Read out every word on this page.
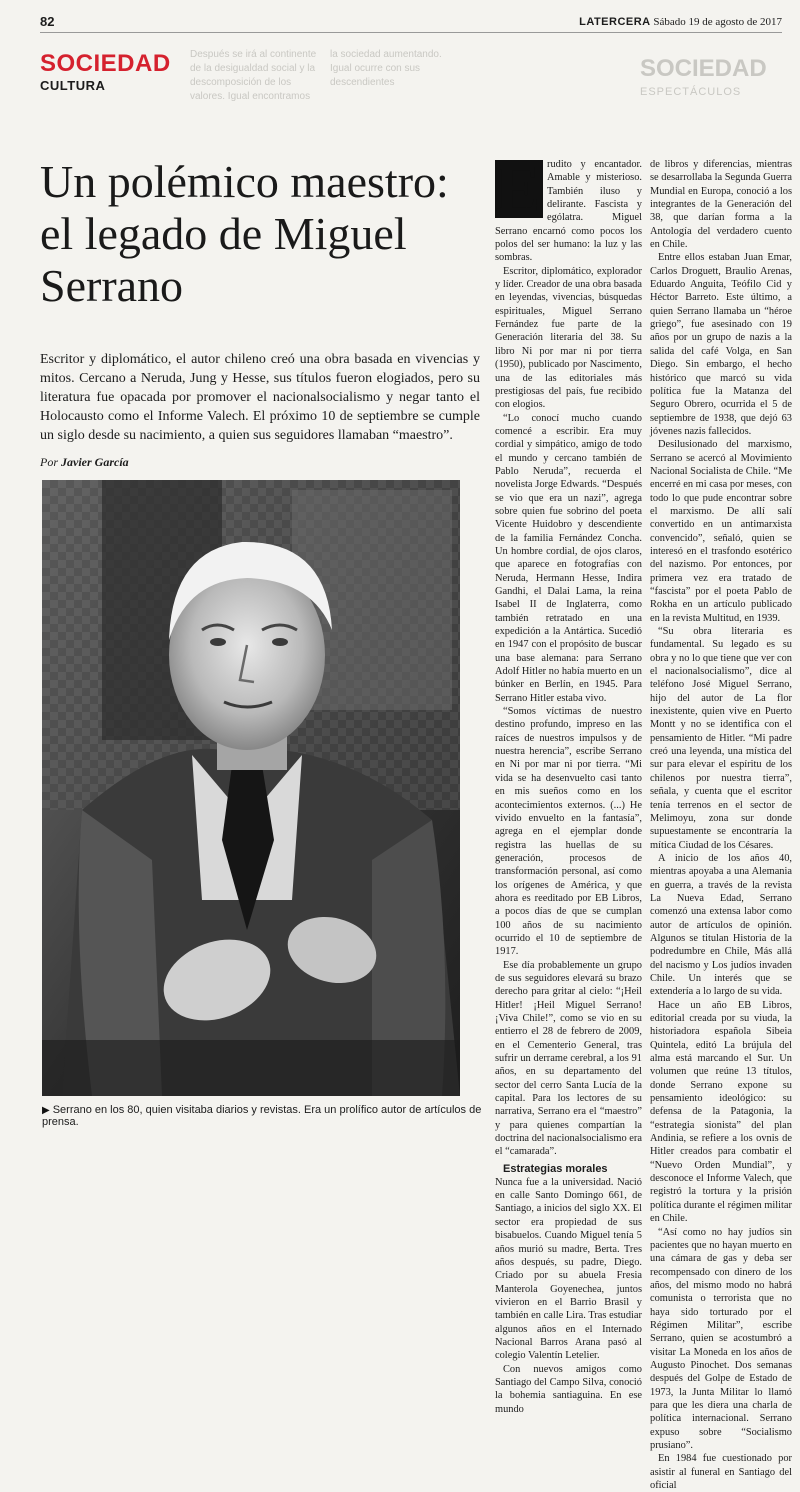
Después se irá al continente de la desigualdad social y la descomposición de los valores. Igual encontramos
la sociedad aumentando. Igual ocurre con sus descendientes
SOCIEDAD
ESPECTÁCULOS
82	LATERCERA Sábado 19 de agosto de 2017
SOCIEDAD
CULTURA
Un polémico maestro: el legado de Miguel Serrano

Escritor y diplomático, el autor chileno creó una obra basada en vivencias y mitos. Cercano a Neruda, Jung y Hesse, sus títulos fueron elogiados, pero su literatura fue opacada por promover el nacionalsocialismo y negar tanto el Holocausto como el Informe Valech. El próximo 10 de septiembre se cumple un siglo desde su nacimiento, a quien sus seguidores llamaban “maestro”.

Por Javier García
▶ Serrano en los 80, quien visitaba diarios y revistas. Era un prolífico autor de artículos de prensa.
E rudito y encantador. Amable y misterioso. También iluso y delirante. Fascista y ególatra. Miguel Serrano encarnó como pocos los polos del ser humano: la luz y las sombras.

Escritor, diplomático, explorador y líder. Creador de una obra basada en leyendas, vivencias, búsquedas espirituales, Miguel Serrano Fernández fue parte de la Generación literaria del 38. Su libro Ni por mar ni por tierra (1950), publicado por Nascimento, una de las editoriales más prestigiosas del país, fue recibido con elogios.

“Lo conocí mucho cuando comencé a escribir. Era muy cordial y simpático, amigo de todo el mundo y cercano también de Pablo Neruda”, recuerda el novelista Jorge Edwards. “Después se vio que era un nazi”, agrega sobre quien fue sobrino del poeta Vicente Huidobro y descendiente de la familia Fernández Concha. Un hombre cordial, de ojos claros, que aparece en fotografías con Neruda, Hermann Hesse, Indira Gandhi, el Dalai Lama, la reina Isabel II de Inglaterra, como también retratado en una expedición a la Antártica. Sucedió en 1947 con el propósito de buscar una base alemana: para Serrano Adolf Hitler no había muerto en un búnker en Berlín, en 1945. Para Serrano Hitler estaba vivo.

“Somos víctimas de nuestro destino profundo, impreso en las raíces de nuestros impulsos y de nuestra herencia”, escribe Serrano en Ni por mar ni por tierra. “Mi vida se ha desenvuelto casi tanto en mis sueños como en los acontecimientos externos. (...) He vivido envuelto en la fantasía”, agrega en el ejemplar donde registra las huellas de su generación, procesos de transformación personal, así como los orígenes de América, y que ahora es reeditado por EB Libros, a pocos días de que se cumplan 100 años de su nacimiento ocurrido el 10 de septiembre de 1917.

Ese día probablemente un grupo de sus seguidores elevará su brazo derecho para gritar al cielo: “¡Heil Hitler! ¡Heil Miguel Serrano! ¡Viva Chile!”, como se vio en su entierro el 28 de febrero de 2009, en el Cementerio General, tras sufrir un derrame cerebral, a los 91 años, en su departamento del sector del cerro Santa Lucía de la capital. Para los lectores de su narrativa, Serrano era el “maestro” y para quienes compartían la doctrina del nacionalsocialismo era el “camarada”.

Estrategias morales

Nunca fue a la universidad. Nació en calle Santo Domingo 661, de Santiago, a inicios del siglo XX. El sector era propiedad de sus bisabuelos. Cuando Miguel tenía 5 años murió su madre, Berta. Tres años después, su padre, Diego. Criado por su abuela Fresia Manterola Goyenechea, juntos vivieron en el Barrio Brasil y también en calle Lira. Tras estudiar algunos años en el Internado Nacional Barros Arana pasó al colegio Valentín Letelier.

Con nuevos amigos como Santiago del Campo Silva, conoció la bohemia santiaguina. En ese mundo

de libros y diferencias, mientras se desarrollaba la Segunda Guerra Mundial en Europa, conoció a los integrantes de la Generación del 38, que darían forma a la Antología del verdadero cuento en Chile.

Entre ellos estaban Juan Emar, Carlos Droguett, Braulio Arenas, Eduardo Anguita, Teófilo Cid y Héctor Barreto. Este último, a quien Serrano llamaba un “héroe griego”, fue asesinado con 19 años por un grupo de nazis a la salida del café Volga, en San Diego. Sin embargo, el hecho histórico que marcó su vida política fue la Matanza del Seguro Obrero, ocurrida el 5 de septiembre de 1938, que dejó 63 jóvenes nazis fallecidos.

Desilusionado del marxismo, Serrano se acercó al Movimiento Nacional Socialista de Chile. “Me encerré en mi casa por meses, con todo lo que pude encontrar sobre el marxismo. De allí salí convertido en un antimarxista convencido”, señaló, quien se interesó en el trasfondo esotérico del nazismo. Por entonces, por primera vez era tratado de “fascista” por el poeta Pablo de Rokha en un artículo publicado en la revista Multitud, en 1939.

“Su obra literaria es fundamental. Su legado es su obra y no lo que tiene que ver con el nacionalsocialismo”, dice al teléfono José Miguel Serrano, hijo del autor de La flor inexistente, quien vive en Puerto Montt y no se identifica con el pensamiento de Hitler. “Mi padre creó una leyenda, una mística del sur para elevar el espíritu de los chilenos por nuestra tierra”, señala, y cuenta que el escritor tenía terrenos en el sector de Melimoyu, zona sur donde supuestamente se encontraría la mítica Ciudad de los Césares.

A inicio de los años 40, mientras apoyaba a una Alemania en guerra, a través de la revista La Nueva Edad, Serrano comenzó una extensa labor como autor de artículos de opinión. Algunos se titulan Historia de la podredumbre en Chile, Más allá del nacismo y Los judíos invaden Chile. Un interés que se extendería a lo largo de su vida.

Hace un año EB Libros, editorial creada por su viuda, la historiadora española Sibeia Quintela, editó La brújula del alma está marcando el Sur. Un volumen que reúne 13 títulos, donde Serrano expone su pensamiento ideológico: su defensa de la Patagonia, la “estrategia sionista” del plan Andinia, se refiere a los ovnis de Hitler creados para combatir el “Nuevo Orden Mundial”, y desconoce el Informe Valech, que registró la tortura y la prisión política durante el régimen militar en Chile.

“Así como no hay judíos sin pacientes que no hayan muerto en una cámara de gas y deba ser recompensado con dinero de los años, del mismo modo no habrá comunista o terrorista que no haya sido torturado por el Régimen Militar”, escribe Serrano, quien se acostumbró a visitar La Moneda en los años de Augusto Pinochet. Dos semanas después del Golpe de Estado de 1973, la Junta Militar lo llamó para que les diera una charla de política internacional. Serrano expuso sobre “Socialismo prusiano”.

En 1984 fue cuestionado por asistir al funeral en Santiago del oficial
